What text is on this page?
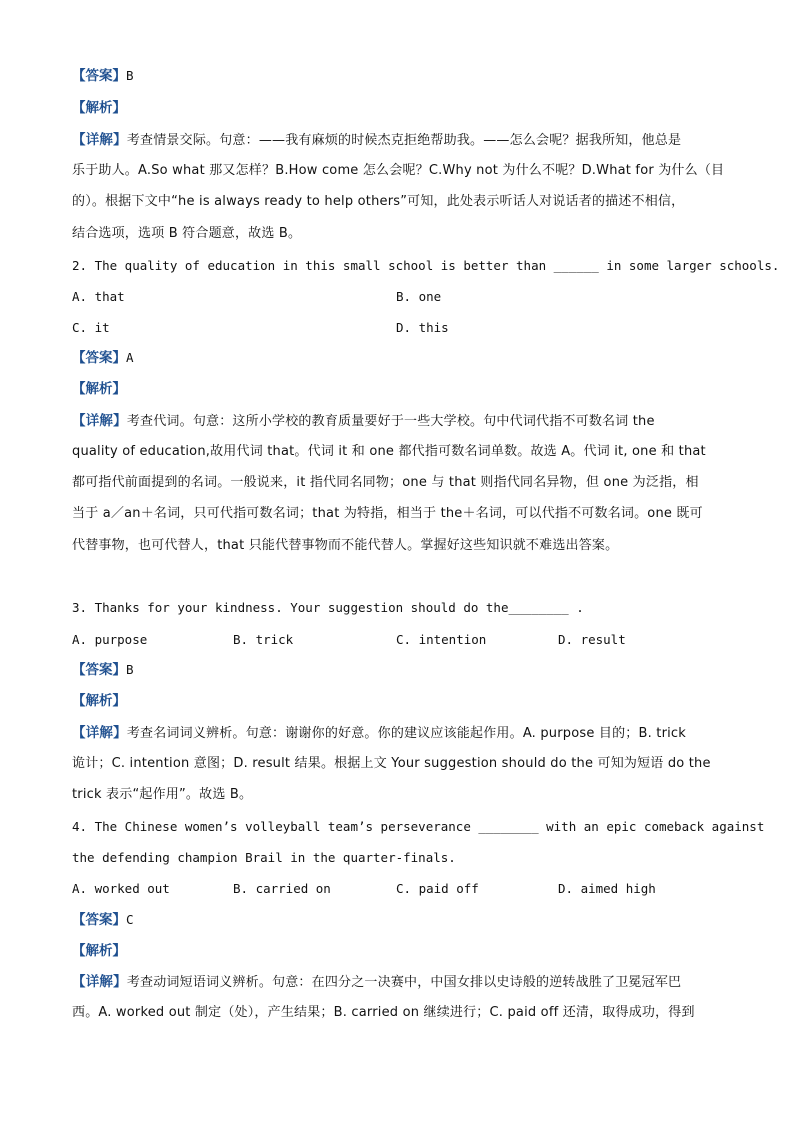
【答案】B

【解析】

【详解】考查情景交际。句意：——我有麻烦的时候杰克拒绝帮助我。——怎么会呢？据我所知，他总是

乐于助人。A.So what 那又怎样？B.How come 怎么会呢？C.Why not 为什么不呢？D.What for 为什么（目

的）。根据下文中“he is always ready to help others”可知，此处表示听话人对说话者的描述不相信，

结合选项，选项 B 符合题意，故选 B。

2. The quality of education in this small school is better than ______ in some larger schools.

A. that	B. one
C. it	D. this

【答案】A

【解析】

【详解】考查代词。句意：这所小学校的教育质量要好于一些大学校。句中代词代指不可数名词 the

quality of education,故用代词 that。代词 it 和 one 都代指可数名词单数。故选 A。代词 it, one 和 that

都可指代前面提到的名词。一般说来，it 指代同名同物；one 与 that 则指代同名异物，但 one 为泛指，相

当于 a／an＋名词，只可代指可数名词；that 为特指，相当于 the＋名词，可以代指不可数名词。one 既可

代替事物，也可代替人，that 只能代替事物而不能代替人。掌握好这些知识就不难选出答案。

3. Thanks for your kindness. Your suggestion should do the________ .

A. purpose	B. trick	C. intention	D. result

【答案】B

【解析】

【详解】考查名词词义辨析。句意：谢谢你的好意。你的建议应该能起作用。A. purpose 目的；B. trick

诡计；C. intention 意图；D. result 结果。根据上文 Your suggestion should do the 可知为短语 do the

trick 表示“起作用”。故选 B。

4. The Chinese women’s volleyball team’s perseverance ________ with an epic comeback against

the defending champion Brail in the quarter-finals.

A. worked out	B. carried on	C. paid off	D. aimed high

【答案】C

【解析】

【详解】考查动词短语词义辨析。句意：在四分之一决赛中，中国女排以史诗般的逆转战胜了卫冕冠军巴

西。A. worked out 制定（处），产生结果；B. carried on 继续进行；C. paid off 还清，取得成功，得到
